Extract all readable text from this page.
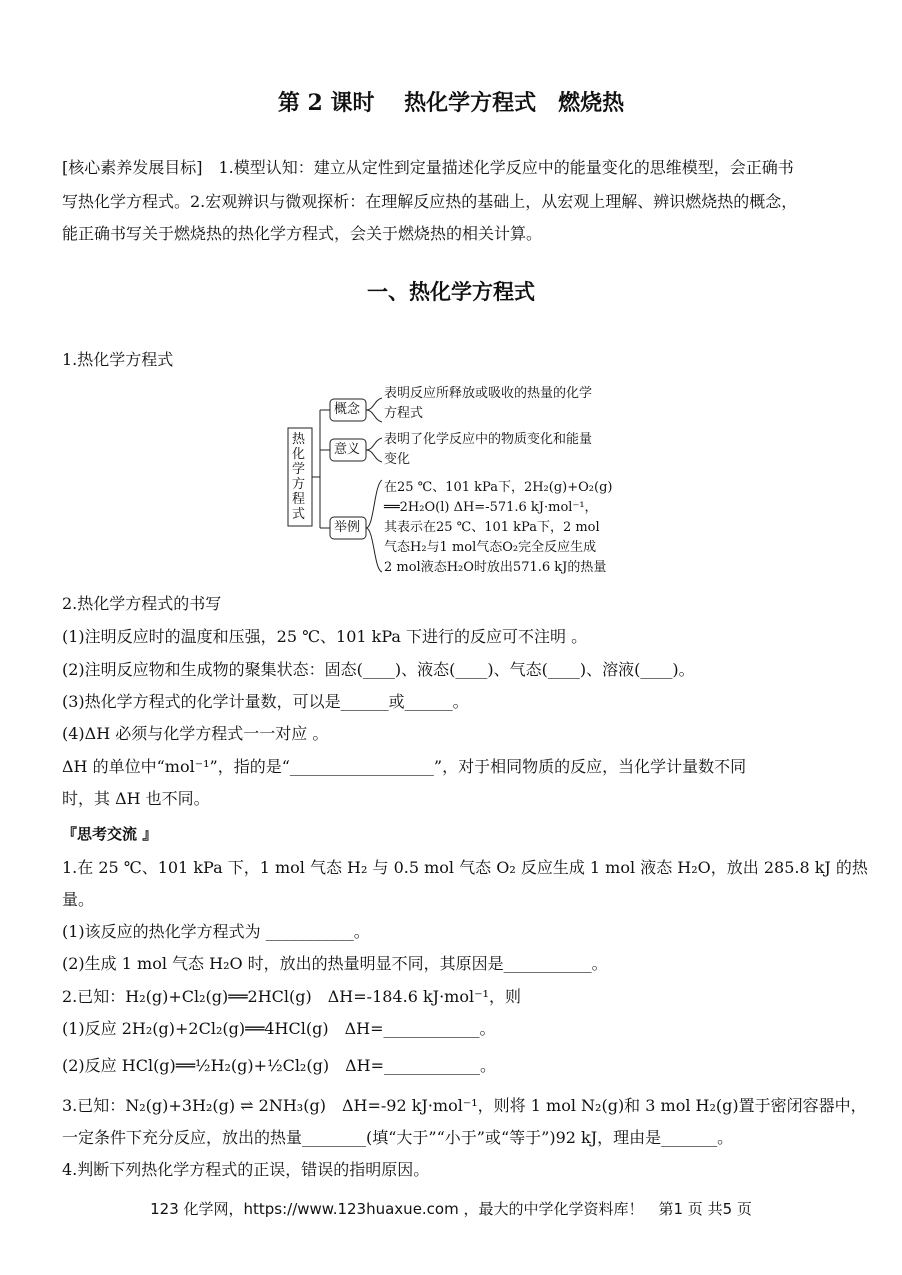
第 2 课时　 热化学方程式　燃烧热
[核心素养发展目标]　1.模型认知：建立从定性到定量描述化学反应中的能量变化的思维模型，会正确书
写热化学方程式。2.宏观辨识与微观探析：在理解反应热的基础上，从宏观上理解、辨识燃烧热的概念，
能正确书写关于燃烧热的热化学方程式，会关于燃烧热的相关计算。
一、热化学方程式
1.热化学方程式
热化学方程式
概念
意义
举例
表明反应所释放或吸收的热量的化学
方程式
表明了化学反应中的物质变化和能量
变化
在25 ℃、101 kPa下，2H₂(g)+O₂(g)
══2H₂O(l) ΔH=-571.6 kJ·mol⁻¹，
其表示在25 ℃、101 kPa下，2 mol
气态H₂与1 mol气态O₂完全反应生成
2 mol液态H₂O时放出571.6 kJ的热量
2.热化学方程式的书写
(1)注明反应时的温度和压强，25 ℃、101 kPa 下进行的反应可不注明 。
(2)注明反应物和生成物的聚集状态：固态(____)、液态(____)、气态(____)、溶液(____)。
(3)热化学方程式的化学计量数，可以是______或______。
(4)ΔH 必须与化学方程式一一对应 。
ΔH 的单位中“mol⁻¹”，指的是“__________________”，对于相同物质的反应，当化学计量数不同
时，其 ΔH 也不同。
『思考交流 』
1.在 25 ℃、101 kPa 下，1 mol 气态 H₂ 与 0.5 mol 气态 O₂ 反应生成 1 mol 液态 H₂O，放出 285.8 kJ 的热
量。
(1)该反应的热化学方程式为 ___________。
(2)生成 1 mol 气态 H₂O 时，放出的热量明显不同，其原因是___________。
2.已知：H₂(g)+Cl₂(g)══2HCl(g)　ΔH=-184.6 kJ·mol⁻¹，则
(1)反应 2H₂(g)+2Cl₂(g)══4HCl(g)　ΔH=____________。
(2)反应 HCl(g)══½H₂(g)+½Cl₂(g)　ΔH=____________。
3.已知：N₂(g)+3H₂(g) ⇌ 2NH₃(g)　ΔH=-92 kJ·mol⁻¹，则将 1 mol N₂(g)和 3 mol H₂(g)置于密闭容器中，
一定条件下充分反应，放出的热量________(填“大于”“小于”或“等于”)92 kJ，理由是_______。
4.判断下列热化学方程式的正误，错误的指明原因。
123 化学网，https://www.123huaxue.com ，最大的中学化学资料库！　第1 页 共5 页
